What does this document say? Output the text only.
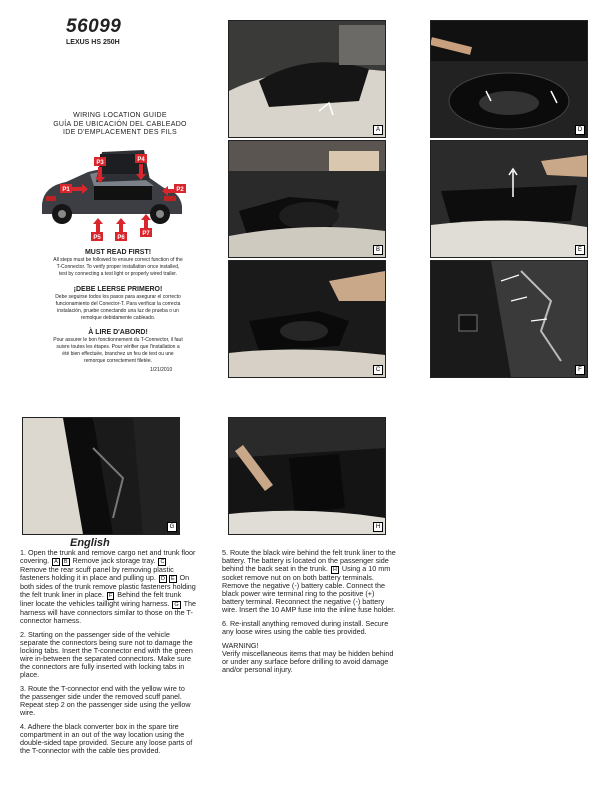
56099
LEXUS HS 250H
WIRING LOCATION GUIDE
GUÍA DE UBICACIÓN DEL CABLEADO
IDE D'EMPLACEMENT DES FILS
P1	P2
P3	P4
P5	P6
P7
MUST READ FIRST!
All steps must be followed to ensure correct function of the
T-Connector. To verify proper installation once installed,
test by connecting a test light or properly wired trailer.
¡DEBE LEERSE PRIMERO!
Debe seguirse todos los pasos para asegurar el correcto
funcionamiento del Conector-T. Para verificar la correcta
instalación, pruebe conectando una luz de prueba o un
remolque debidamente cableado.
À LIRE D'ABORD!
Pour assurer le bon fonctionnement du T-Connector, il faut
suivre toutes les étapes. Pour vérifier que l'installation a
été bien effectuée, branchez un feu de test ou une
remorque correctement filetée.
1/21/2010
A
B
C
D
E
F
G	H
English

1. Open the trunk and remove cargo net and trunk floor covering. A B Remove jack storage tray. C Remove the rear scuff panel by removing plastic fasteners holding it in place and pulling up. D E On both sides of the trunk remove plastic fasteners holding the felt trunk liner in place. F Behind the felt trunk liner locate the vehicles taillight wiring harness. G The harness will have connectors similar to those on the T-connector harness.

2. Starting on the passenger side of the vehicle separate the connectors being sure not to damage the locking tabs. Insert the T-connector end with the green wire in-between the separated connectors. Make sure the connectors are fully inserted with locking tabs in place.

3. Route the T-connector end with the yellow wire to the passenger side under the removed scuff panel. Repeat step 2 on the passenger side using the yellow wire.

4. Adhere the black converter box in the spare tire compartment in an out of the way location using the double-sided tape provided. Secure any loose parts of the T-connector with the cable ties provided.

5. Route the black wire behind the felt trunk liner to the battery. The battery is located on the passenger side behind the back seat in the trunk. H Using a 10 mm socket remove nut on on both battery terminals. Remove the negative (-) battery cable. Connect the black power wire terminal ring to the positive (+) battery terminal. Reconnect the negative (-) battery wire. Insert the 10 AMP fuse into the inline fuse holder.

6. Re-install anything removed during install. Secure any loose wires using the cable ties provided.

WARNING!
Verify miscellaneous items that may be hidden behind or under any surface before drilling to avoid damage and/or personal injury.
